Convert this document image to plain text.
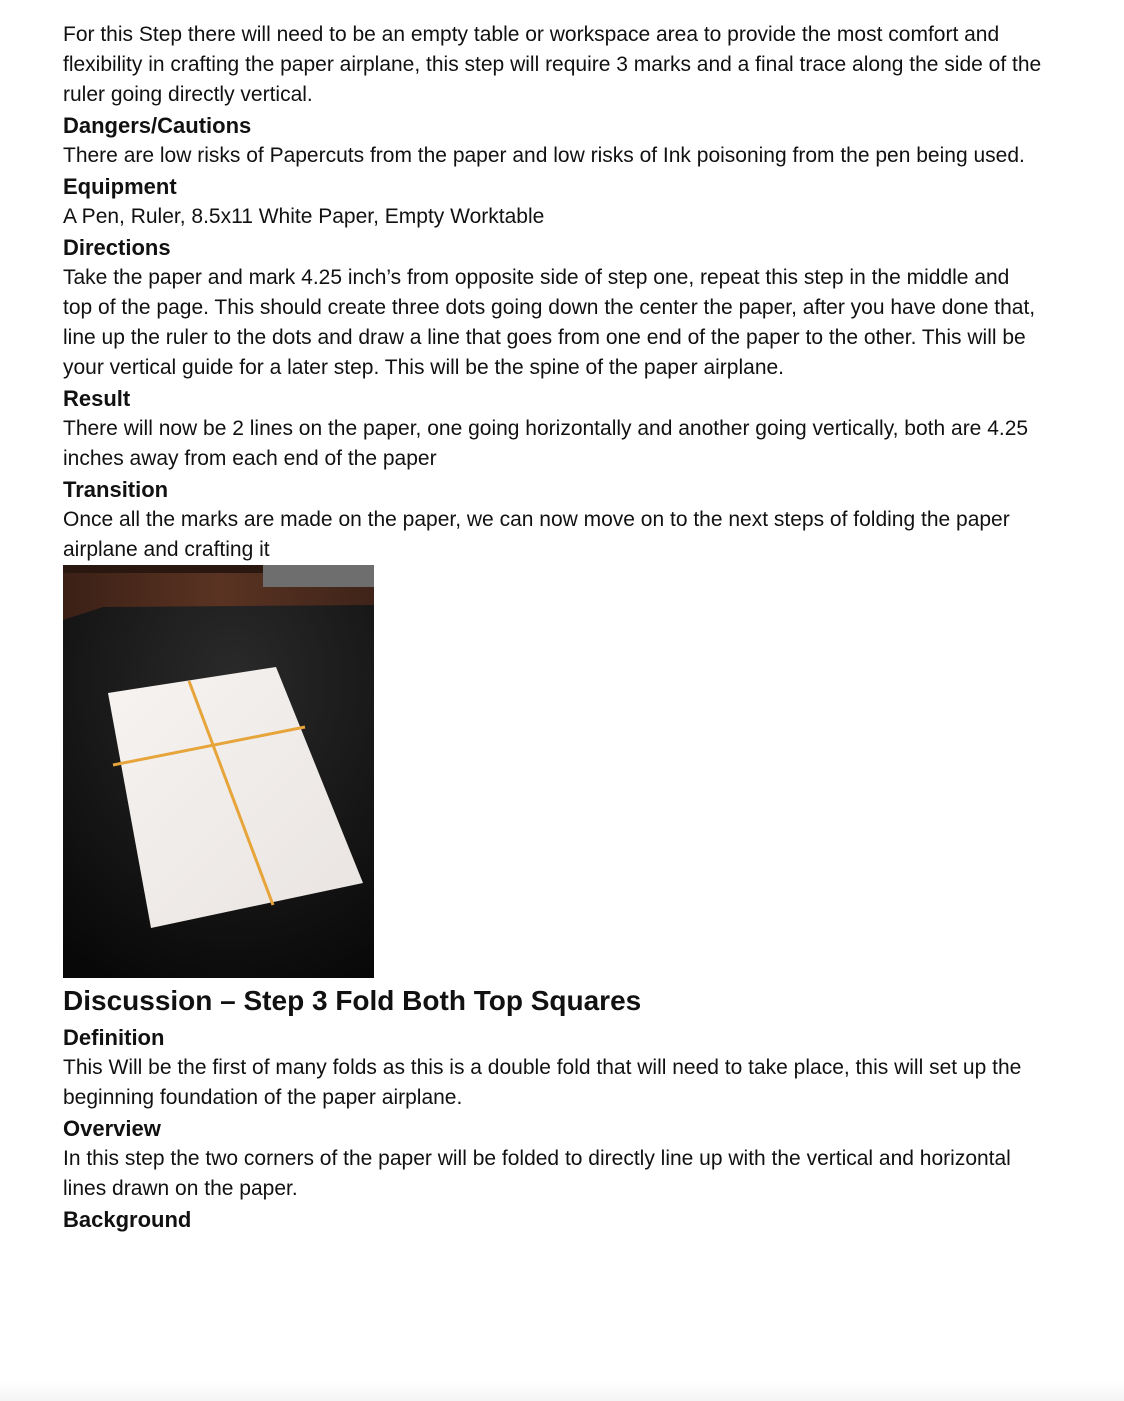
For this Step there will need to be an empty table or workspace area to provide the most comfort and flexibility in crafting the paper airplane, this step will require 3 marks and a final trace along the side of the ruler going directly vertical.

Dangers/Cautions

There are low risks of Papercuts from the paper and low risks of Ink poisoning from the pen being used.

Equipment

A Pen, Ruler, 8.5x11 White Paper, Empty Worktable

Directions

Take the paper and mark 4.25 inch’s from opposite side of step one, repeat this step in the middle and top of the page. This should create three dots going down the center the paper, after you have done that, line up the ruler to the dots and draw a line that goes from one end of the paper to the other. This will be your vertical guide for a later step. This will be the spine of the paper airplane.

Result

There will now be 2 lines on the paper, one going horizontally and another going vertically, both are 4.25 inches away from each end of the paper

Transition

Once all the marks are made on the paper, we can now move on to the next steps of folding the paper airplane and crafting it

Discussion – Step 3 Fold Both Top Squares

Definition

This Will be the first of many folds as this is a double fold that will need to take place, this will set up the beginning foundation of the paper airplane.

Overview

In this step the two corners of the paper will be folded to directly line up with the vertical and horizontal lines drawn on the paper.

Background
